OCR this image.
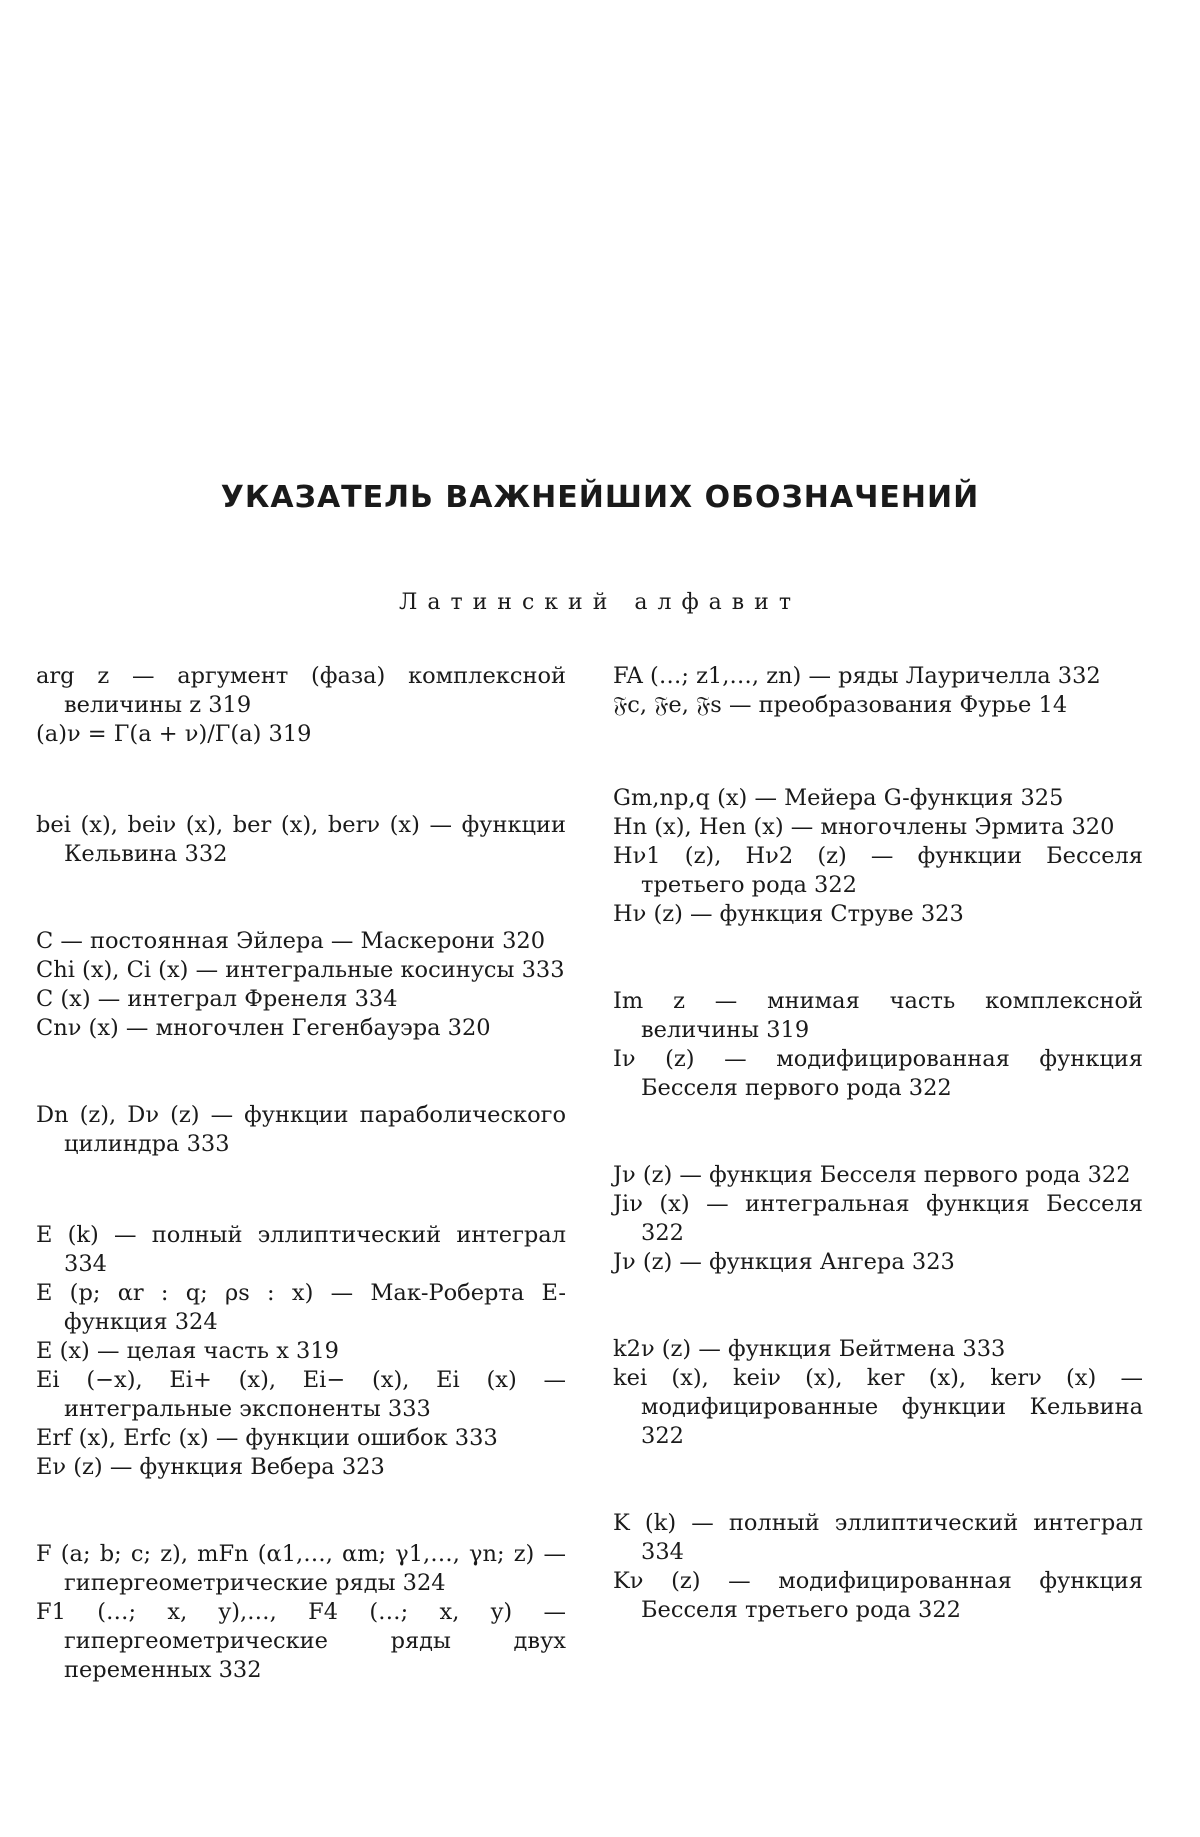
УКАЗАТЕЛЬ ВАЖНЕЙШИХ ОБОЗНАЧЕНИЙ
Латинский алфавит
arg z — аргумент (фаза) комплексной величины z 319
(a)ν = Γ(a + ν)/Γ(a) 319
bei (x), beiν (x), ber (x), berν (x) — функции Кельвина 332
C — постоянная Эйлера — Маскерони 320
Chi (x), Ci (x) — интегральные косинусы 333
C (x) — интеграл Френеля 334
Cnν (x) — многочлен Гегенбауэра 320
Dn (z), Dν (z) — функции параболического цилиндра 333
E (k) — полный эллиптический интеграл 334
E (p; αr : q; ρs : x) — Мак-Роберта E-функция 324
E (x) — целая часть x 319
Ei (−x), Ei+ (x), Ei− (x), Ei (x) — интегральные экспоненты 333
Erf (x), Erfc (x) — функции ошибок 333
Eν (z) — функция Вебера 323
F (a; b; c; z), mFn (α1,…, αm; γ1,…, γn; z) — гипергеометрические ряды 324
F1 (…; x, y),…, F4 (…; x, y) — гипергеометрические ряды двух переменных 332
FA (…; z1,…, zn) — ряды Лауричелла 332
𝔉c, 𝔉e, 𝔉s — преобразования Фурье 14
Gm,np,q (x) — Мейера G-функция 325
Hn (x), Hen (x) — многочлены Эрмита 320
Hν1 (z), Hν2 (z) — функции Бесселя третьего рода 322
Hν (z) — функция Струве 323
Im z — мнимая часть комплексной величины 319
Iν (z) — модифицированная функция Бесселя первого рода 322
Jν (z) — функция Бесселя первого рода 322
Jiν (x) — интегральная функция Бесселя 322
Jν (z) — функция Ангера 323
k2ν (z) — функция Бейтмена 333
kei (x), keiν (x), ker (x), kerν (x) — модифицированные функции Кельвина 322
K (k) — полный эллиптический интеграл 334
Kν (z) — модифицированная функция Бесселя третьего рода 322
